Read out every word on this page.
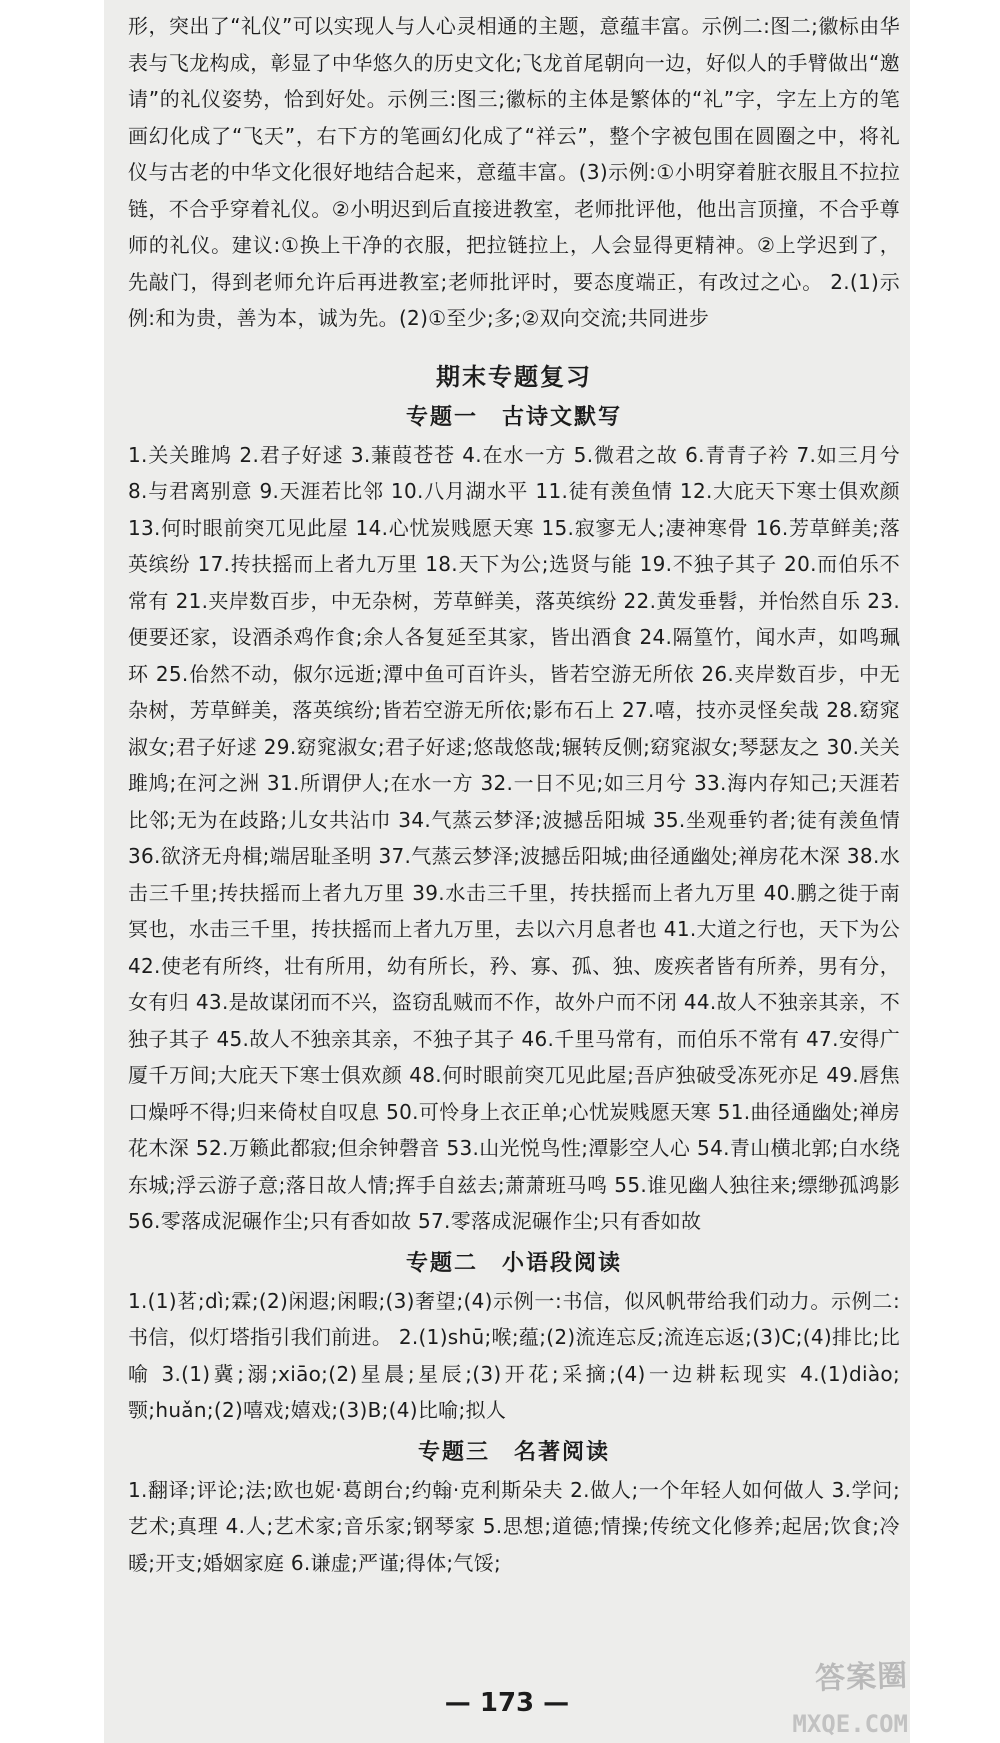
形，突出了“礼仪”可以实现人与人心灵相通的主题，意蕴丰富。示例二:图二;徽标由华表与飞龙构成，彰显了中华悠久的历史文化;飞龙首尾朝向一边，好似人的手臂做出“邀请”的礼仪姿势，恰到好处。示例三:图三;徽标的主体是繁体的“礼”字，字左上方的笔画幻化成了“飞天”，右下方的笔画幻化成了“祥云”，整个字被包围在圆圈之中，将礼仪与古老的中华文化很好地结合起来，意蕴丰富。(3)示例:①小明穿着脏衣服且不拉拉链，不合乎穿着礼仪。②小明迟到后直接进教室，老师批评他，他出言顶撞，不合乎尊师的礼仪。建议:①换上干净的衣服，把拉链拉上，人会显得更精神。②上学迟到了，先敲门，得到老师允许后再进教室;老师批评时，要态度端正，有改过之心。 2.(1)示例:和为贵，善为本，诚为先。(2)①至少;多;②双向交流;共同进步

期末专题复习
专题一　古诗文默写

1.关关雎鸠 2.君子好逑 3.蒹葭苍苍 4.在水一方 5.微君之故 6.青青子衿 7.如三月兮 8.与君离别意 9.天涯若比邻 10.八月湖水平 11.徒有羡鱼情 12.大庇天下寒士俱欢颜 13.何时眼前突兀见此屋 14.心忧炭贱愿天寒 15.寂寥无人;凄神寒骨 16.芳草鲜美;落英缤纷 17.抟扶摇而上者九万里 18.天下为公;选贤与能 19.不独子其子 20.而伯乐不常有 21.夹岸数百步，中无杂树，芳草鲜美，落英缤纷 22.黄发垂髫，并怡然自乐 23.便要还家，设酒杀鸡作食;余人各复延至其家，皆出酒食 24.隔篁竹，闻水声，如鸣珮环 25.佁然不动，俶尔远逝;潭中鱼可百许头，皆若空游无所依 26.夹岸数百步，中无杂树，芳草鲜美，落英缤纷;皆若空游无所依;影布石上 27.嘻，技亦灵怪矣哉 28.窈窕淑女;君子好逑 29.窈窕淑女;君子好逑;悠哉悠哉;辗转反侧;窈窕淑女;琴瑟友之 30.关关雎鸠;在河之洲 31.所谓伊人;在水一方 32.一日不见;如三月兮 33.海内存知己;天涯若比邻;无为在歧路;儿女共沾巾 34.气蒸云梦泽;波撼岳阳城 35.坐观垂钓者;徒有羡鱼情 36.欲济无舟楫;端居耻圣明 37.气蒸云梦泽;波撼岳阳城;曲径通幽处;禅房花木深 38.水击三千里;抟扶摇而上者九万里 39.水击三千里，抟扶摇而上者九万里 40.鹏之徙于南冥也，水击三千里，抟扶摇而上者九万里，去以六月息者也 41.大道之行也，天下为公 42.使老有所终，壮有所用，幼有所长，矜、寡、孤、独、废疾者皆有所养，男有分，女有归 43.是故谋闭而不兴，盗窃乱贼而不作，故外户而不闭 44.故人不独亲其亲，不独子其子 45.故人不独亲其亲，不独子其子 46.千里马常有，而伯乐不常有 47.安得广厦千万间;大庇天下寒士俱欢颜 48.何时眼前突兀见此屋;吾庐独破受冻死亦足 49.唇焦口燥呼不得;归来倚杖自叹息 50.可怜身上衣正单;心忧炭贱愿天寒 51.曲径通幽处;禅房花木深 52.万籁此都寂;但余钟磬音 53.山光悦鸟性;潭影空人心 54.青山横北郭;白水绕东城;浮云游子意;落日故人情;挥手自兹去;萧萧班马鸣 55.谁见幽人独往来;缥缈孤鸿影 56.零落成泥碾作尘;只有香如故 57.零落成泥碾作尘;只有香如故

专题二　小语段阅读

1.(1)茗;dì;霖;(2)闲遐;闲暇;(3)奢望;(4)示例一:书信，似风帆带给我们动力。示例二:书信，似灯塔指引我们前进。 2.(1)shū;喉;蕴;(2)流连忘反;流连忘返;(3)C;(4)排比;比喻 3.(1)冀;溺;xiāo;(2)星晨;星辰;(3)开花;采摘;(4)一边耕耘现实 4.(1)diào;颚;huǎn;(2)嘻戏;嬉戏;(3)B;(4)比喻;拟人

专题三　名著阅读

1.翻译;评论;法;欧也妮·葛朗台;约翰·克利斯朵夫 2.做人;一个年轻人如何做人 3.学问;艺术;真理 4.人;艺术家;音乐家;钢琴家 5.思想;道德;情操;传统文化修养;起居;饮食;冷暖;开支;婚姻家庭 6.谦虚;严谨;得体;气馁;

— 173 —
答案圈
MXQE.COM
